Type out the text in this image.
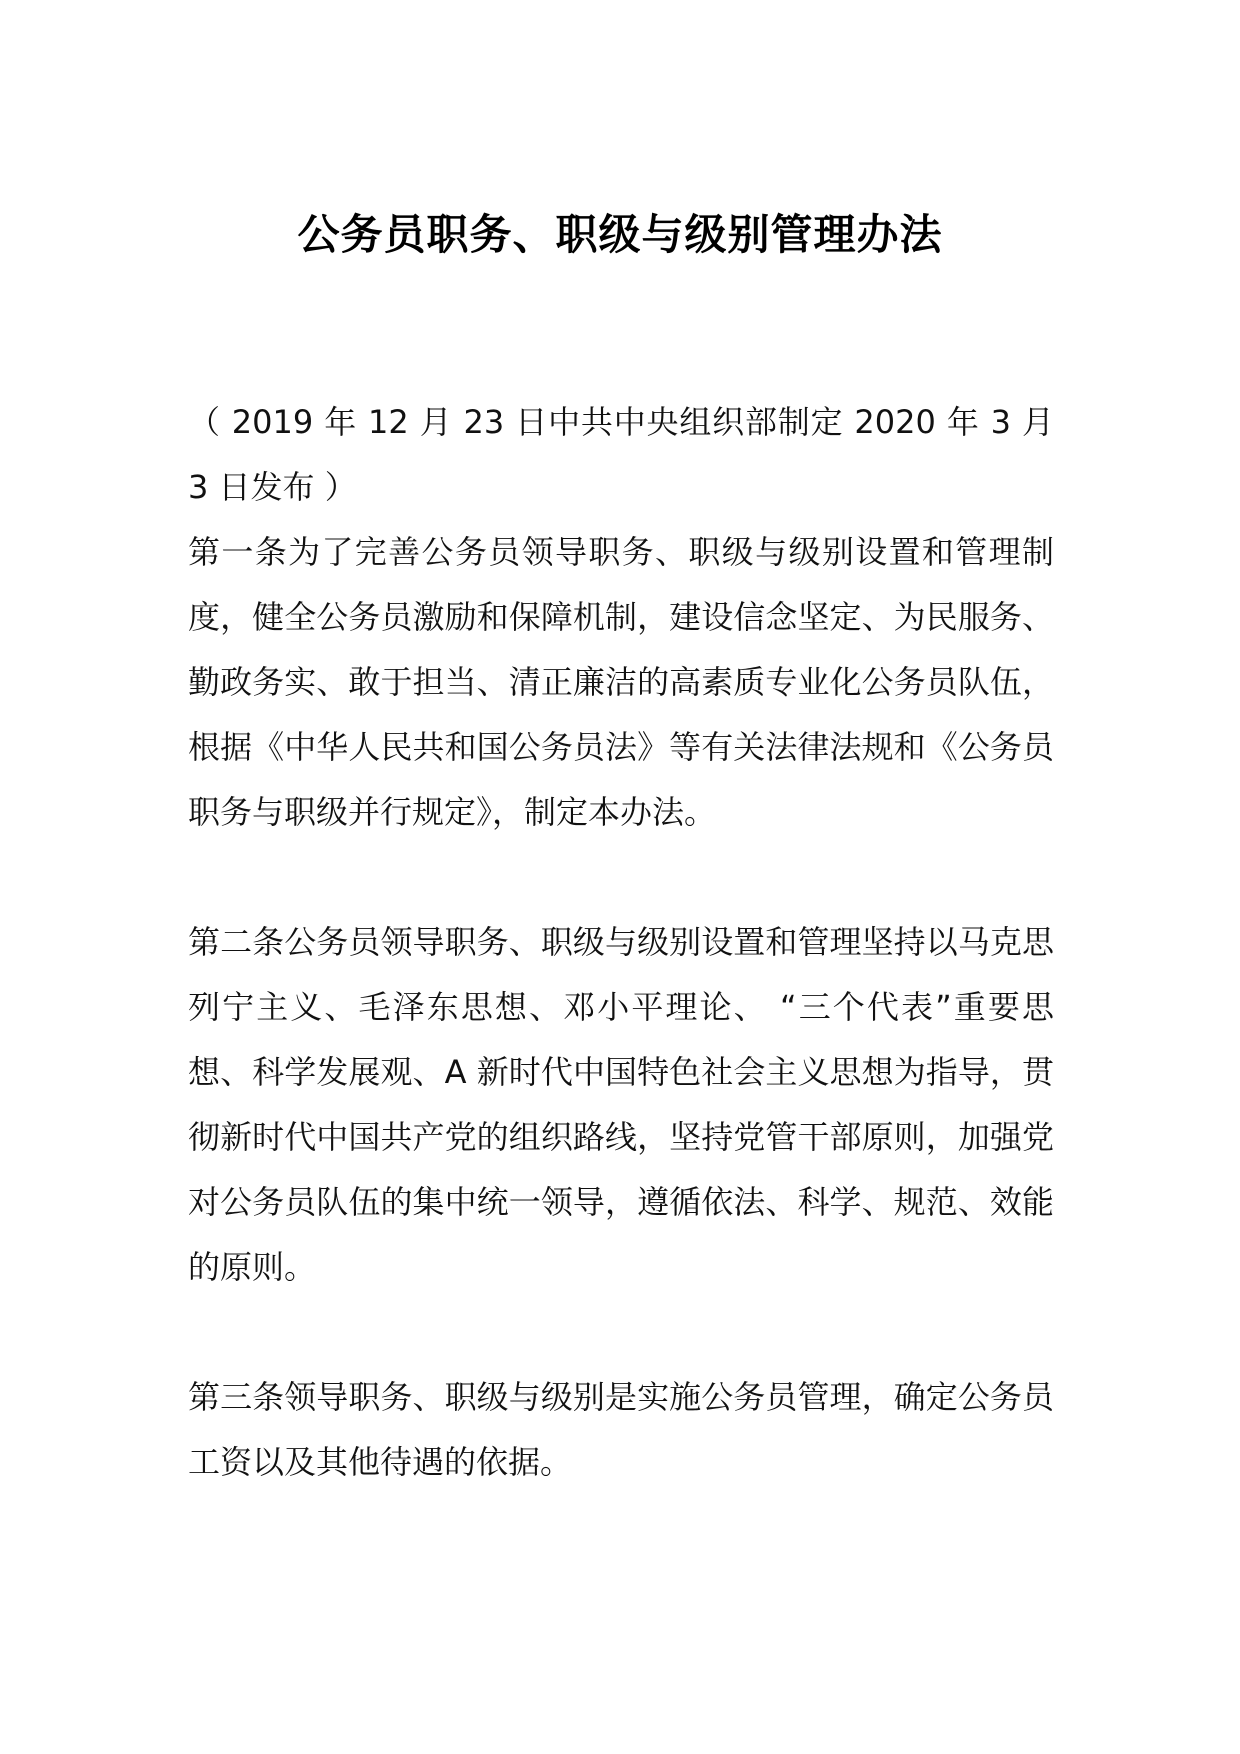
公务员职务、职级与级别管理办法

（ 2019 年 12 月 23 日中共中央组织部制定 2020 年 3 月 3 日发布 ）

第一条为了完善公务员领导职务、职级与级别设置和管理制度，健全公务员激励和保障机制，建设信念坚定、为民服务、勤政务实、敢于担当、清正廉洁的高素质专业化公务员队伍，根据《中华人民共和国公务员法》等有关法律法规和《公务员职务与职级并行规定》，制定本办法。

第二条公务员领导职务、职级与级别设置和管理坚持以马克思列宁主义、毛泽东思想、邓小平理论、 “三个代表”重要思想、科学发展观、A 新时代中国特色社会主义思想为指导，贯彻新时代中国共产党的组织路线，坚持党管干部原则，加强党对公务员队伍的集中统一领导，遵循依法、科学、规范、效能的原则。

第三条领导职务、职级与级别是实施公务员管理，确定公务员工资以及其他待遇的依据。
